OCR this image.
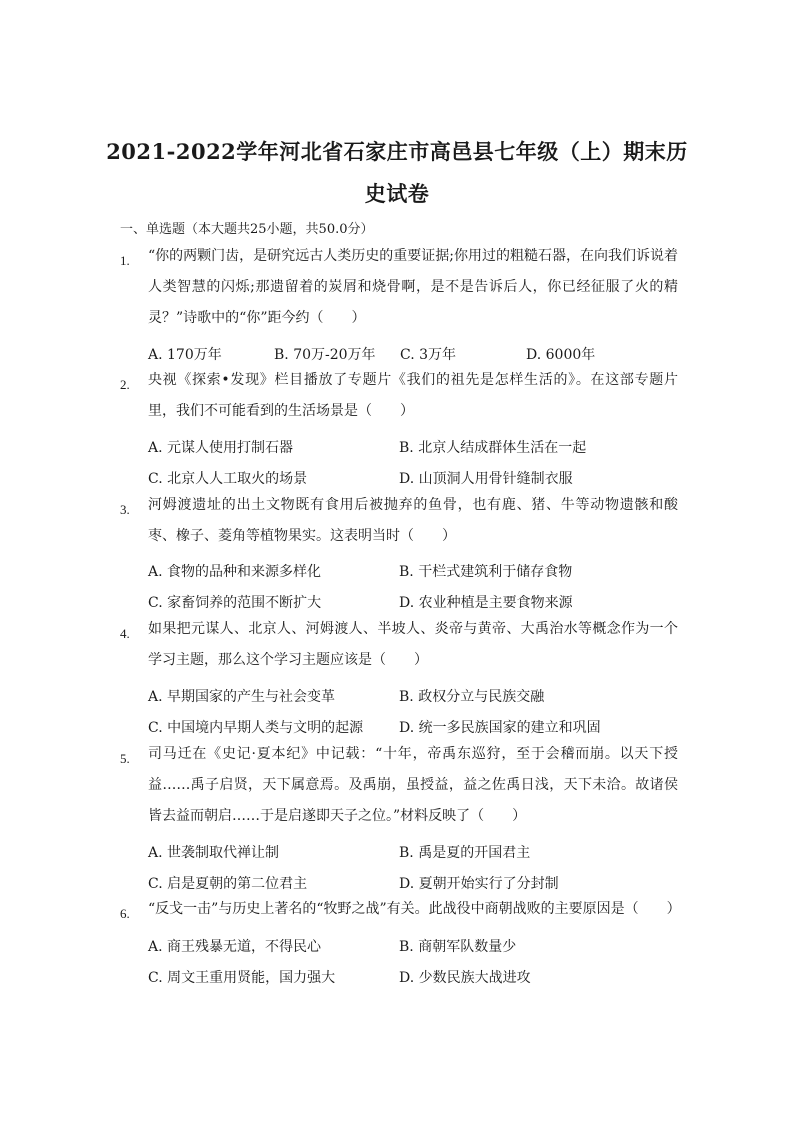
2021-2022学年河北省石家庄市高邑县七年级（上）期末历
史试卷
一、单选题（本大题共25小题，共50.0分）
1. “你的两颗门齿，是研究远古人类历史的重要证据;你用过的粗糙石器，在向我们诉说着人类智慧的闪烁;那遗留着的炭屑和烧骨啊，是不是告诉后人，你已经征服了火的精灵？”诗歌中的“你”距今约（　　）
A. 170万年	B. 70万-20万年 C. 3万年	D. 6000年
2. 央视《探索•发现》栏目播放了专题片《我们的祖先是怎样生活的》。在这部专题片里，我们不可能看到的生活场景是（　　）
A. 元谋人使用打制石器	B. 北京人结成群体生活在一起
C. 北京人人工取火的场景	D. 山顶洞人用骨针缝制衣服
3. 河姆渡遗址的出土文物既有食用后被抛弃的鱼骨，也有鹿、猪、牛等动物遗骸和酸枣、橡子、菱角等植物果实。这表明当时（　　）
A. 食物的品种和来源多样化	B. 干栏式建筑利于储存食物
C. 家畜饲养的范围不断扩大	D. 农业种植是主要食物来源
4. 如果把元谋人、北京人、河姆渡人、半坡人、炎帝与黄帝、大禹治水等概念作为一个学习主题，那么这个学习主题应该是（　　）
A. 早期国家的产生与社会变革	B. 政权分立与民族交融
C. 中国境内早期人类与文明的起源	D. 统一多民族国家的建立和巩固
5. 司马迁在《史记·夏本纪》中记载：“十年，帝禹东巡狩，至于会稽而崩。以天下授益……禹子启贤，天下属意焉。及禹崩，虽授益，益之佐禹日浅，天下未洽。故诸侯皆去益而朝启……于是启遂即天子之位。”材料反映了（　　）
A. 世袭制取代禅让制	B. 禹是夏的开国君主
C. 启是夏朝的第二位君主	D. 夏朝开始实行了分封制
6. “反戈一击”与历史上著名的“牧野之战”有关。此战役中商朝战败的主要原因是（　　）
A. 商王残暴无道，不得民心	B. 商朝军队数量少
C. 周文王重用贤能，国力强大	D. 少数民族大战进攻
